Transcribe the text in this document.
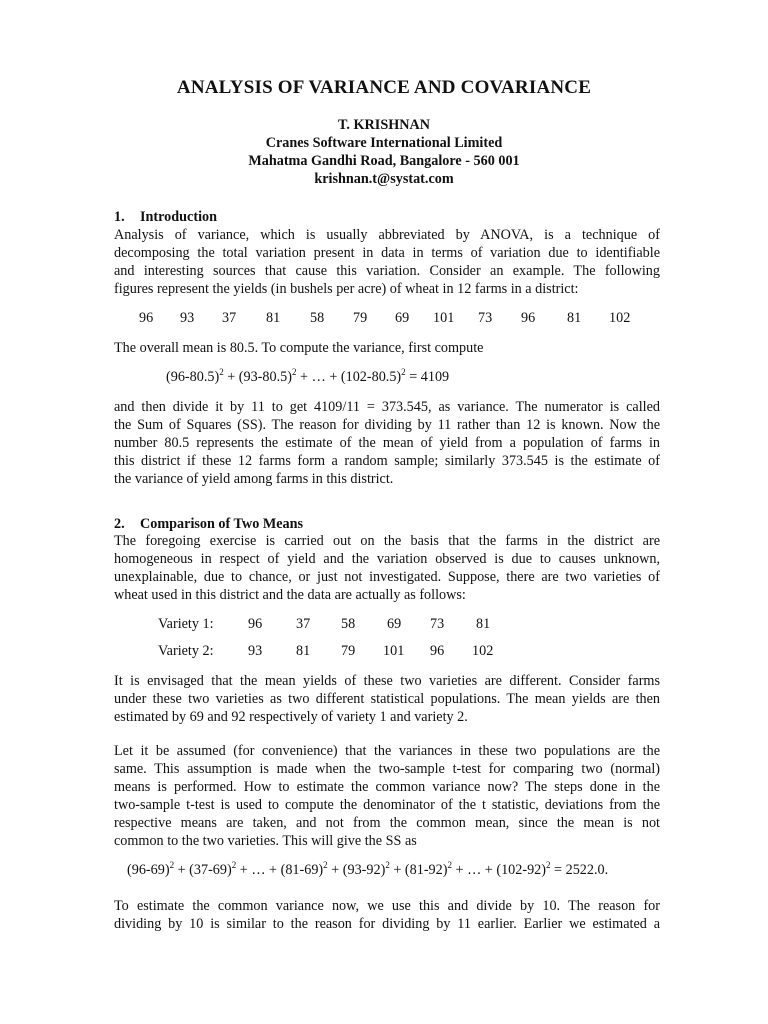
ANALYSIS OF VARIANCE AND COVARIANCE
T. KRISHNAN
Cranes Software International Limited
Mahatma Gandhi Road, Bangalore - 560 001
krishnan.t@systat.com
1. Introduction
Analysis of variance, which is usually abbreviated by ANOVA, is a technique of
decomposing the total variation present in data in terms of variation due to identifiable
and interesting sources that cause this variation. Consider an example. The following
figures represent the yields (in bushels per acre) of wheat in 12 farms in a district:
96 93 37 81 58 79 69 101 73 96 81 102
The overall mean is 80.5. To compute the variance, first compute
$(96-80.5)^2 + (93-80.5)^2$ + … + $(102-80.5)^2 = 4109$
and then divide it by 11 to get 4109/11 = 373.545, as variance. The numerator is called
the Sum of Squares (SS). The reason for dividing by 11 rather than 12 is known. Now the
number 80.5 represents the estimate of the mean of yield from a population of farms in
this district if these 12 farms form a random sample; similarly 373.545 is the estimate of
the variance of yield among farms in this district.
2. Comparison of Two Means
The foregoing exercise is carried out on the basis that the farms in the district are
homogeneous in respect of yield and the variation observed is due to causes unknown,
unexplainable, due to chance, or just not investigated. Suppose, there are two varieties of
wheat used in this district and the data are actually as follows:
Variety 1: 96 37 58 69 73 81
Variety 2: 93 81 79 101 96 102
It is envisaged that the mean yields of these two varieties are different. Consider farms
under these two varieties as two different statistical populations. The mean yields are then
estimated by 69 and 92 respectively of variety 1 and variety 2.
Let it be assumed (for convenience) that the variances in these two populations are the
same. This assumption is made when the two-sample t-test for comparing two (normal)
means is performed. How to estimate the common variance now? The steps done in the
two-sample t-test is used to compute the denominator of the t statistic, deviations from the
respective means are taken, and not from the common mean, since the mean is not
common to the two varieties. This will give the SS as
$(96-69)^2 + (37-69)^2$ + … + $(81-69)^2 + (93-92)^2 + (81-92)^2$ + … + $(102-92)^2 = 2522.0$.
To estimate the common variance now, we use this and divide by 10. The reason for
dividing by 10 is similar to the reason for dividing by 11 earlier. Earlier we estimated a
